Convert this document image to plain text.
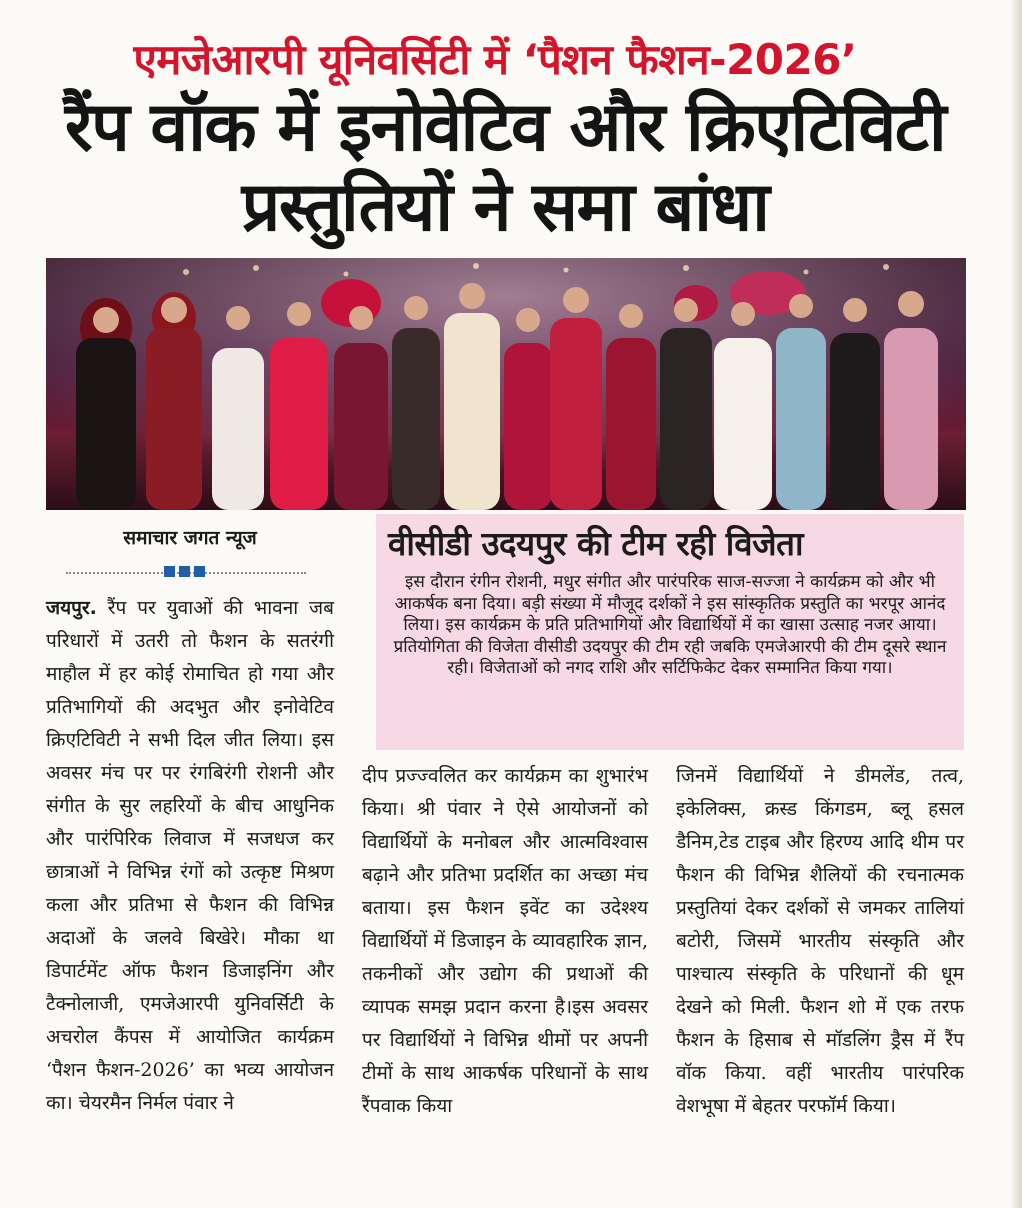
एमजेआरपी यूनिवर्सिटी में ‘पैशन फैशन-2026’
रैंप वॉक में इनोवेटिव और क्रिएटिविटी
प्रस्तुतियों ने समा बांधा
समाचार जगत न्यूज	वीसीडी उदयपुर की टीम रही विजेता
इस दौरान रंगीन रोशनी, मधुर संगीत और पारंपरिक साज-सज्जा ने कार्यक्रम को और भी आकर्षक बना दिया। बड़ी संख्या में मौजूद दर्शकों ने इस सांस्कृतिक प्रस्तुति का भरपूर आनंद लिया। इस कार्यक्रम के प्रति प्रतिभागियों और विद्यार्थियों में का खासा उत्साह नजर आया। प्रतियोगिता की विजेता वीसीडी उदयपुर की टीम रही जबकि एमजेआरपी की टीम दूसरे स्थान रही। विजेताओं को नगद राशि और सर्टिफिकेट देकर सम्मानित किया गया।
जयपुर. रैंप पर युवाओं की भावना जब परिधारों में उतरी तो फैशन के सतरंगी माहौल में हर कोई रोमाचित हो गया और प्रतिभागियों की अदभुत और इनोवेटिव क्रिएटिविटी ने सभी दिल जीत लिया। इस अवसर मंच पर पर रंगबिरंगी रोशनी और संगीत के सुर लहरियों के बीच आधुनिक और पारंपिरिक लिवाज में सजधज कर छात्राओं ने विभिन्न रंगों को उत्कृष्ट मिश्रण कला और प्रतिभा से फैशन की विभिन्न अदाओं के जलवे बिखेरे। मौका था डिपार्टमेंट ऑफ फैशन डिजाइनिंग और टैक्नोलाजी, एमजेआरपी युनिवर्सिटी के अचरोल कैंपस में आयोजित कार्यक्रम ‘पैशन फैशन-2026’ का भव्य आयोजन का। चेयरमैन निर्मल पंवार ने
दीप प्रज्ज्वलित कर कार्यक्रम का शुभारंभ किया। श्री पंवार ने ऐसे आयोजनों को विद्यार्थियों के मनोबल और आत्मविश्वास बढ़ाने और प्रतिभा प्रदर्शित का अच्छा मंच बताया। इस फैशन इवेंट का उदेश्श्य विद्यार्थियों में डिजाइन के व्यावहारिक ज्ञान, तकनीकों और उद्योग की प्रथाओं की व्यापक समझ प्रदान करना है।इस अवसर पर विद्यार्थियों ने विभिन्न थीमों पर अपनी टीमों के साथ आकर्षक परिधानों के साथ रैंपवाक किया
जिनमें विद्यार्थियों ने डीमलेंड, तत्व, इकेलिक्स, क्रस्ड किंगडम, ब्लू हसल डैनिम,टेड टाइब और हिरण्य आदि थीम पर फैशन की विभिन्न शैलियों की रचनात्मक प्रस्तुतियां देकर दर्शकों से जमकर तालियां बटोरी, जिसमें भारतीय संस्कृति और पाश्चात्य संस्कृति के परिधानों की धूम देखने को मिली. फैशन शो में एक तरफ फैशन के हिसाब से मॉडलिंग ड्रैस में रैंप वॉक किया. वहीं भारतीय पारंपरिक वेशभूषा में बेहतर परफॉर्म किया।
